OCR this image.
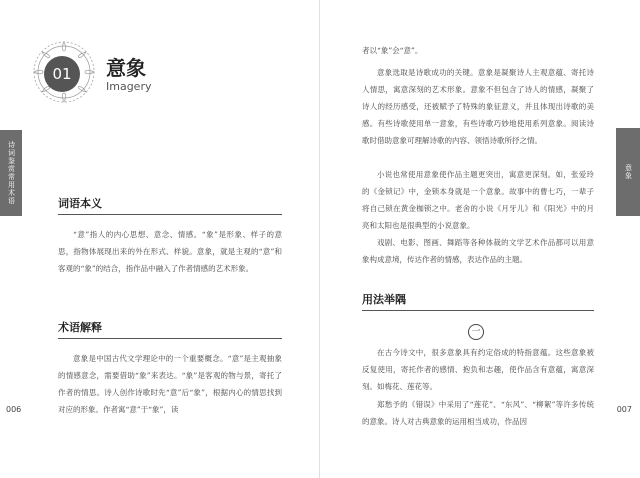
诗词鉴赏常用术语
01	意象
Imagery
词语本义

“意”指人的内心思想、意念、情感。“象”是形象、样子的意思，指物体展现出来的外在形式、样貌。意象，就是主观的“意”和客观的“象”的结合，指作品中融入了作者情感的艺术形象。

术语解释

意象是中国古代文学理论中的一个重要概念。“意”是主观抽象的情感意念，需要借助“象”来表达。“象”是客观的物与景，寄托了作者的情思。诗人创作诗歌时先“意”后“象”，根据内心的情思找到对应的形象。作者寓“意”于“象”，读

006

者以“象”会“意”。

意象选取是诗歌成功的关键。意象是凝聚诗人主观意蕴、寄托诗人情思，寓意深刻的艺术形象。意象不但包含了诗人的情感，凝聚了诗人的经历感受，还被赋予了特殊的象征意义，并且体现出诗歌的美感。有些诗歌使用单一意象，有些诗歌巧妙地使用系列意象。阅读诗歌时借助意象可理解诗歌的内容、领悟诗歌所抒之情。

小说也常使用意象使作品主题更突出，寓意更深刻。如，张爱玲的《金锁记》中，金锁本身就是一个意象。故事中的曹七巧，一辈子将自己锁在黄金枷锁之中。老舍的小说《月牙儿》和《阳光》中的月亮和太阳也是很典型的小说意象。

戏剧、电影、图画、舞蹈等各种体裁的文学艺术作品都可以用意象构成意境，传达作者的情感，表达作品的主题。

用法举隅
一

在古今诗文中，很多意象具有约定俗成的特指意蕴。这些意象被反复使用，寄托作者的感情、抱负和志趣，使作品含有意蕴，寓意深刻。如梅花、莲花等。

郑愁予的《错误》中采用了“莲花”、“东风”、“柳絮”等许多传统的意象。诗人对古典意象的运用相当成功，作品因

意象
007
